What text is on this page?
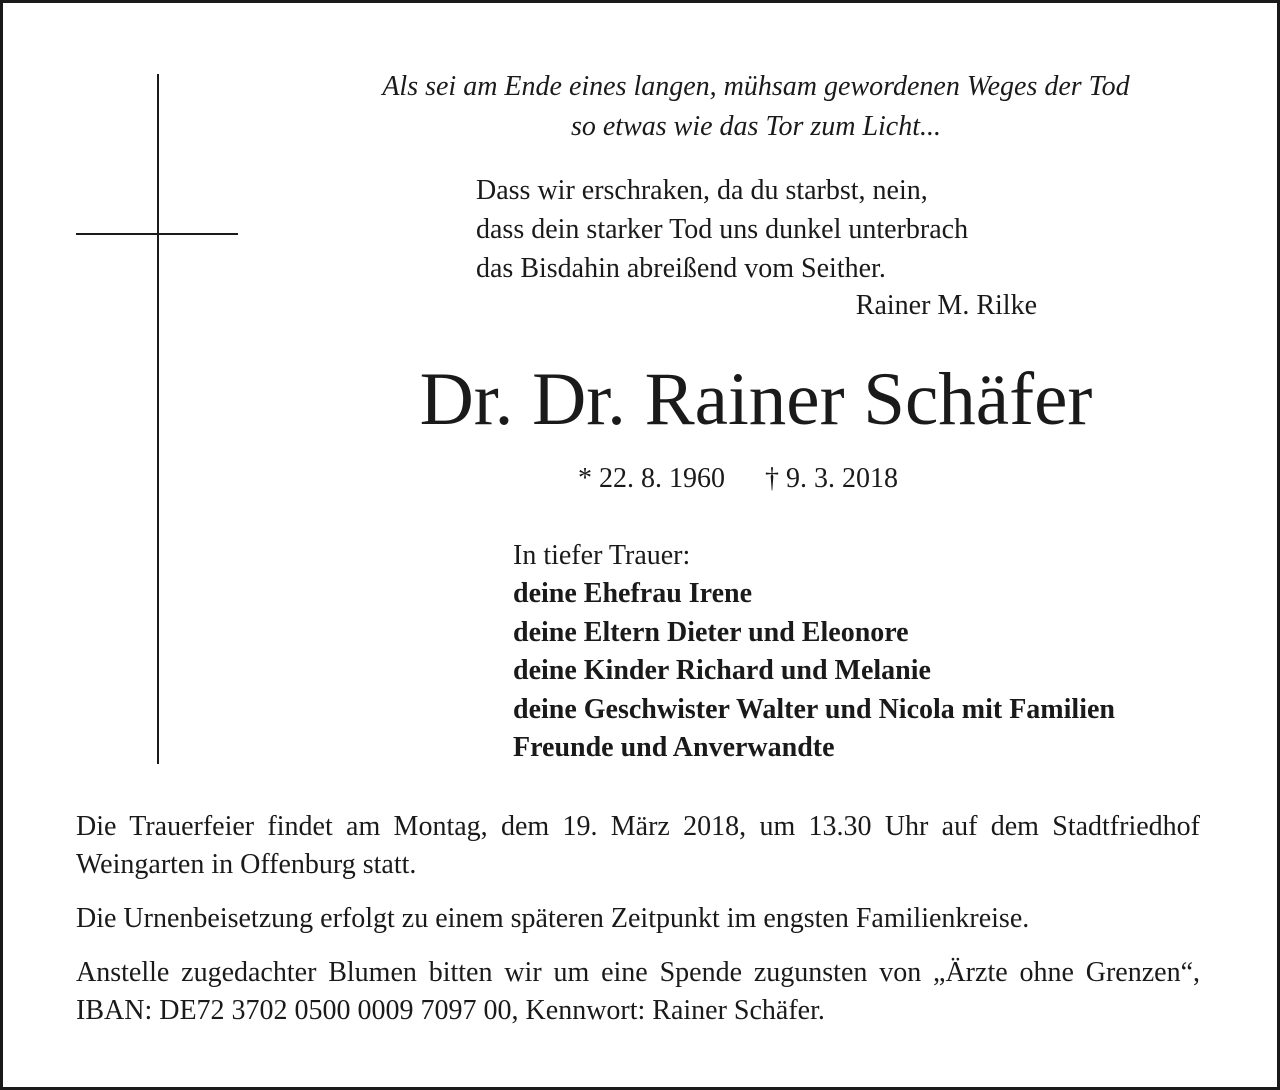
Als sei am Ende eines langen, mühsam gewordenen Weges der Tod
so etwas wie das Tor zum Licht...
Dass wir erschraken, da du starbst, nein,
dass dein starker Tod uns dunkel unterbrach
das Bisdahin abreißend vom Seither.
Rainer M. Rilke
Dr. Dr. Rainer Schäfer
* 22. 8. 1960 † 9. 3. 2018
In tiefer Trauer:
deine Ehefrau Irene
deine Eltern Dieter und Eleonore
deine Kinder Richard und Melanie
deine Geschwister Walter und Nicola mit Familien
Freunde und Anverwandte

Die Trauerfeier findet am Montag, dem 19. März 2018, um 13.30 Uhr auf dem Stadtfriedhof Weingarten in Offenburg statt.

Die Urnenbeisetzung erfolgt zu einem späteren Zeitpunkt im engsten Familienkreise.

Anstelle zugedachter Blumen bitten wir um eine Spende zugunsten von „Ärzte ohne Grenzen“, IBAN: DE72 3702 0500 0009 7097 00, Kennwort: Rainer Schäfer.
